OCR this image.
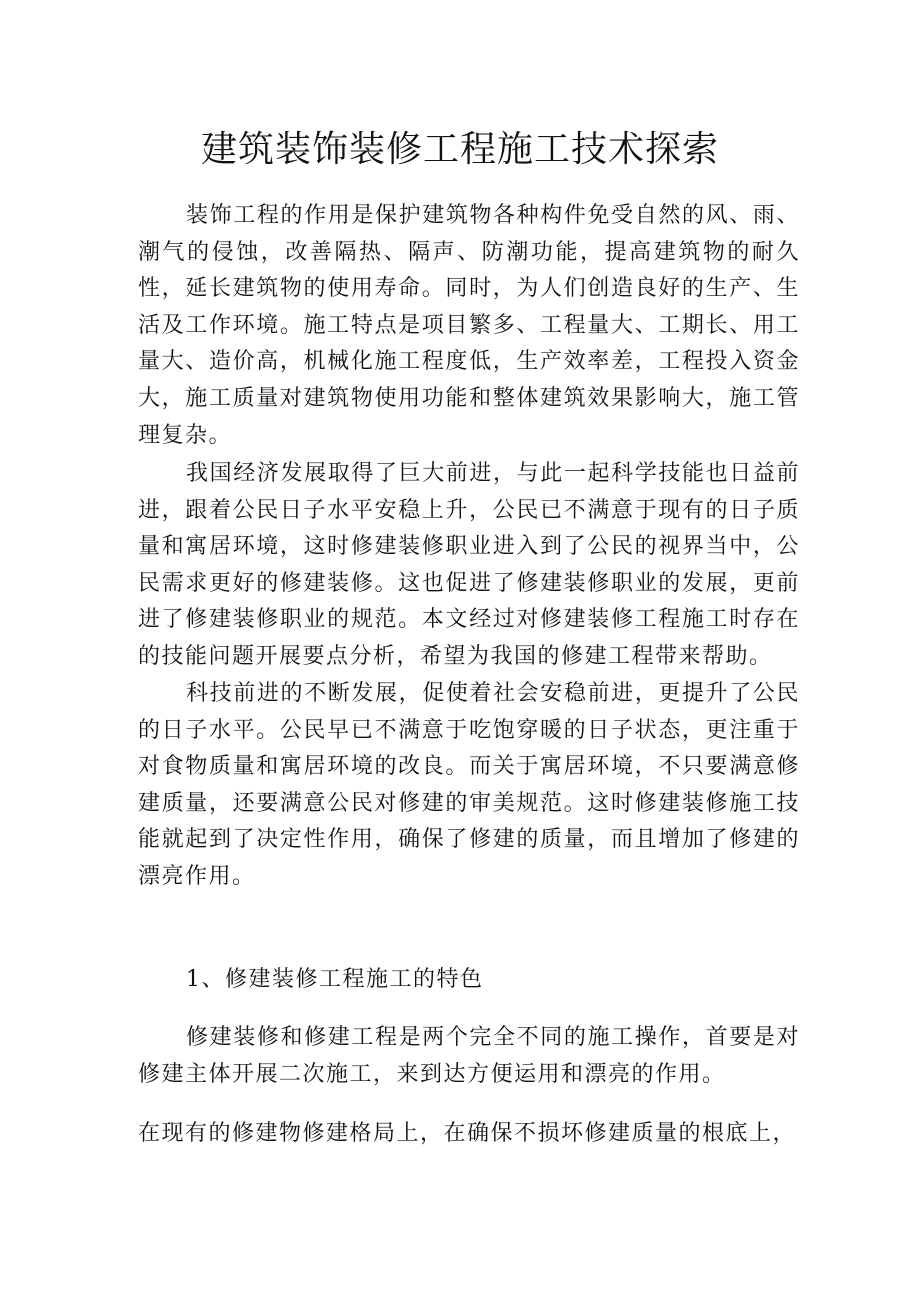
建筑装饰装修工程施工技术探索

装饰工程的作用是保护建筑物各种构件免受自然的风、雨、潮气的侵蚀，改善隔热、隔声、防潮功能，提高建筑物的耐久性，延长建筑物的使用寿命。同时，为人们创造良好的生产、生活及工作环境。施工特点是项目繁多、工程量大、工期长、用工量大、造价高，机械化施工程度低，生产效率差，工程投入资金大，施工质量对建筑物使用功能和整体建筑效果影响大，施工管理复杂。

我国经济发展取得了巨大前进，与此一起科学技能也日益前进，跟着公民日子水平安稳上升，公民已不满意于现有的日子质量和寓居环境，这时修建装修职业进入到了公民的视界当中，公民需求更好的修建装修。这也促进了修建装修职业的发展，更前进了修建装修职业的规范。本文经过对修建装修工程施工时存在的技能问题开展要点分析，希望为我国的修建工程带来帮助。

科技前进的不断发展，促使着社会安稳前进，更提升了公民的日子水平。公民早已不满意于吃饱穿暖的日子状态，更注重于对食物质量和寓居环境的改良。而关于寓居环境，不只要满意修建质量，还要满意公民对修建的审美规范。这时修建装修施工技能就起到了决定性作用，确保了修建的质量，而且增加了修建的漂亮作用。

1、修建装修工程施工的特色

修建装修和修建工程是两个完全不同的施工操作，首要是对修建主体开展二次施工，来到达方便运用和漂亮的作用。

在现有的修建物修建格局上，在确保不损坏修建质量的根底上，
